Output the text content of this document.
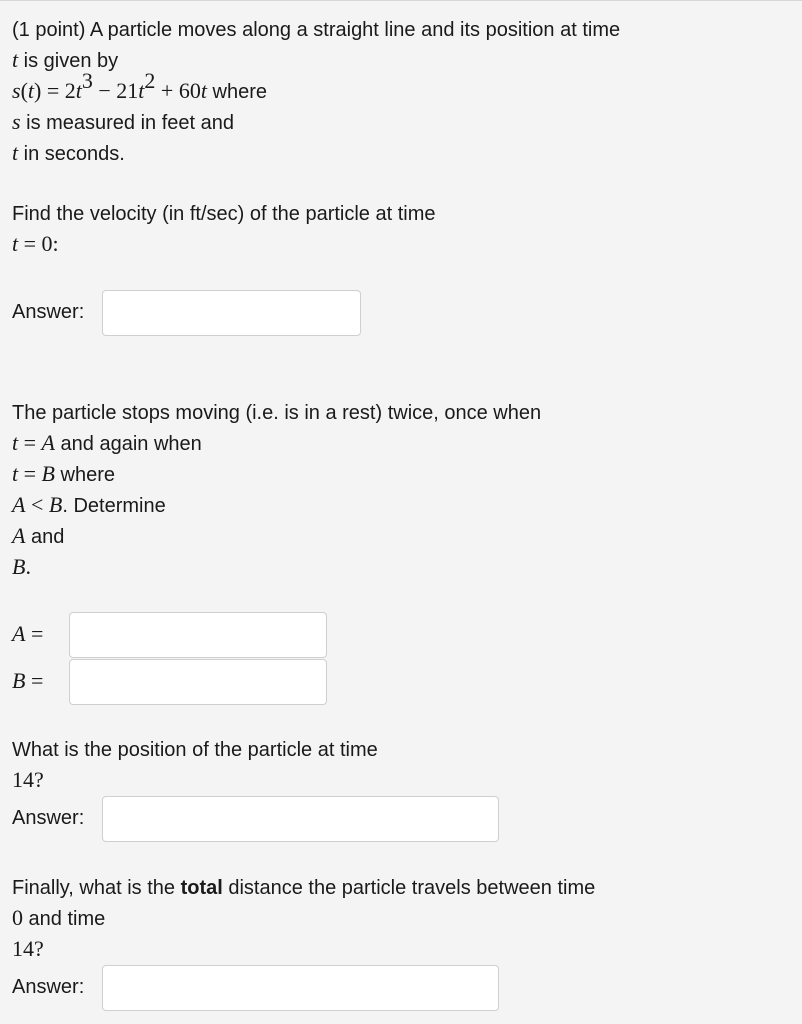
(1 point) A particle moves along a straight line and its position at time
t is given by
$s(t) = 2t^3 - 21t^2 + 60t$ where
s is measured in feet and
t in seconds.
Find the velocity (in ft/sec) of the particle at time
t = 0:
Answer:
The particle stops moving (i.e. is in a rest) twice, once when
t = A and again when
t = B where
A < B. Determine
A and
B.
A =
B =
What is the position of the particle at time
14?
Answer:
Finally, what is the total distance the particle travels between time
0 and time
14?
Answer:
